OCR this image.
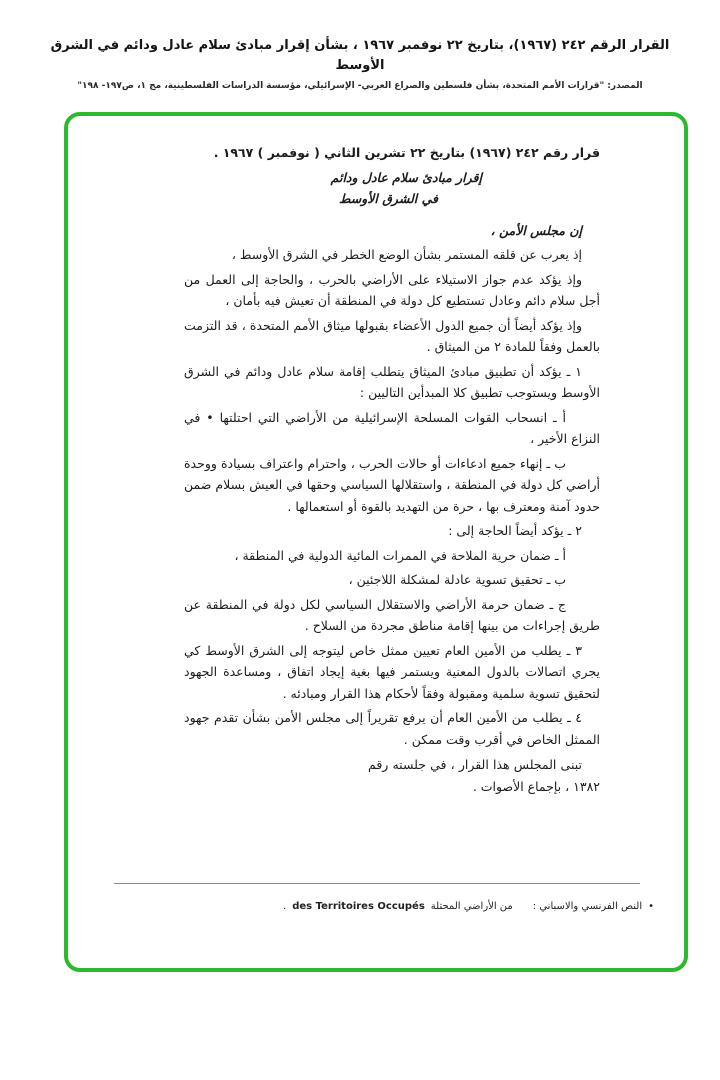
القرار الرقم ٢٤٢ (١٩٦٧)، بتاريخ ٢٢ نوفمبر ١٩٦٧ ، بشأن إقرار مبادئ سلام عادل ودائم في الشرق الأوسط
المصدر: "قرارات الأمم المتحدة، بشأن فلسطين والصراع العربي- الإسرائيلي، مؤسسة الدراسات الفلسطينية، مج ١، ص١٩٧- ١٩٨"

قرار رقم ٢٤٢ (١٩٦٧) بتاريخ ٢٢ تشرين الثاني ( نوفمبر ) ١٩٦٧ .

إقرار مبادئ سلام عادل ودائم

في الشرق الأوسط

إن مجلس الأمن ،

إذ يعرب عن قلقه المستمر بشأن الوضع الخطر في الشرق الأوسط ،

وإذ يؤكد عدم جواز الاستيلاء على الأراضي بالحرب ، والحاجة إلى العمل من أجل سلام دائم وعادل تستطيع كل دولة في المنطقة أن تعيش فيه بأمان ،

وإذ يؤكد أيضاً أن جميع الدول الأعضاء بقبولها ميثاق الأمم المتحدة ، قد التزمت بالعمل وفقاً للمادة ٢ من الميثاق .

١ ـ يؤكد أن تطبيق مبادئ الميثاق يتطلب إقامة سلام عادل ودائم في الشرق الأوسط ويستوجب تطبيق كلا المبدأين التاليين :

أ ـ انسحاب القوات المسلحة الإسرائيلية من الأراضي التي احتلتها • في النزاع الأخير ،

ب ـ إنهاء جميع ادعاءات أو حالات الحرب ، واحترام واعتراف بسيادة ووحدة أراضي كل دولة في المنطقة ، واستقلالها السياسي وحقها في العيش بسلام ضمن حدود آمنة ومعترف بها ، حرة من التهديد بالقوة أو استعمالها .

٢ ـ يؤكد أيضاً الحاجة إلى :

أ ـ ضمان حرية الملاحة في الممرات المائية الدولية في المنطقة ،

ب ـ تحقيق تسوية عادلة لمشكلة اللاجئين ،

ج ـ ضمان حرمة الأراضي والاستقلال السياسي لكل دولة في المنطقة عن طريق إجراءات من بينها إقامة مناطق مجردة من السلاح .

٣ ـ يطلب من الأمين العام تعيين ممثل خاص ليتوجه إلى الشرق الأوسط كي يجري اتصالات بالدول المعنية ويستمر فيها بغية إيجاد اتفاق ، ومساعدة الجهود لتحقيق تسوية سلمية ومقبولة وفقاً لأحكام هذا القرار ومبادئه .

٤ ـ يطلب من الأمين العام أن يرفع تقريراً إلى مجلس الأمن بشأن تقدم جهود الممثل الخاص في أقرب وقت ممكن .

تبنى المجلس هذا القرار ، في جلسته رقم ١٣٨٢ ، بإجماع الأصوات .

•
النص الفرنسي والاسباني :
من الأراضي المحتلة
des Territoires Occupés
.
